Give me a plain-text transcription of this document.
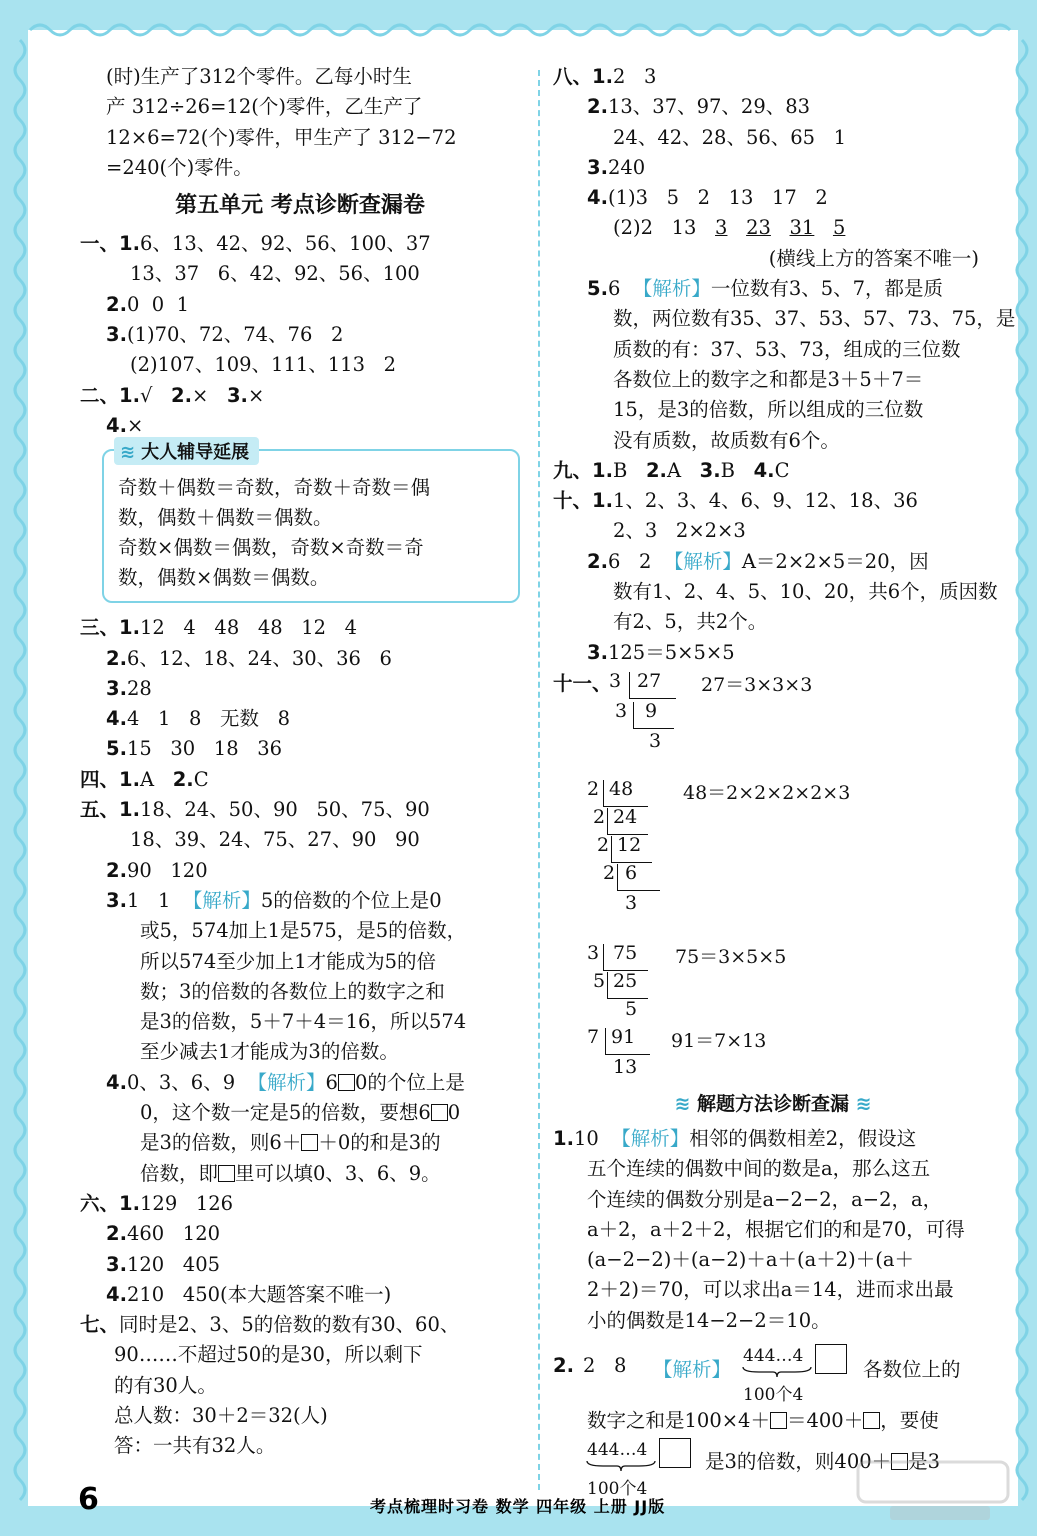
(时)生产了312个零件。乙每小时生
产 312÷26=12(个)零件，乙生产了
12×6=72(个)零件，甲生产了 312−72
=240(个)零件。
第五单元 考点诊断查漏卷
一、1.6、13、42、92、56、100、37
13、37   6、42、92、56、100
2.0  0  1
3.(1)70、72、74、76   2
(2)107、109、111、113   2
二、1.√ 2.× 3.×
4.×
≋ 大人辅导延展
奇数＋偶数＝奇数，奇数＋奇数＝偶
数，偶数＋偶数＝偶数。
奇数×偶数＝偶数，奇数×奇数＝奇
数，偶数×偶数＝偶数。
三、1.12   4   48   48   12   4
2.6、12、18、24、30、36   6
3.28
4.4   1   8   无数   8
5.15   30   18   36
四、1.A 2.C
五、1.18、24、50、90   50、75、90
18、39、24、75、27、90   90
2.90   120
3.1   1 【解析】5的倍数的个位上是0
或5，574加上1是575，是5的倍数，
所以574至少加上1才能成为5的倍
数；3的倍数的各数位上的数字之和
是3的倍数，5＋7＋4＝16，所以574
至少减去1才能成为3的倍数。
4.0、3、6、9 【解析】6 0的个位上是
0，这个数一定是5的倍数，要想6 0
是3的倍数，则6＋ ＋0的和是3的
倍数，即 里可以填0、3、6、9。
六、1.129   126
2.460   120
3.120   405
4.210   450(本大题答案不唯一)
七、同时是2、3、5的倍数的数有30、60、
90……不超过50的是30，所以剩下
的有30人。
总人数：30＋2＝32(人)
答：一共有32人。
八、1.2   3
2.13、37、97、29、83
24、42、28、56、65   1
3.240
4.(1)3   5   2   13   17   2
(2)2   13   3 23 31 5
(横线上方的答案不唯一)
5.6 【解析】一位数有3、5、7，都是质
数，两位数有35、37、53、57、73、75，是
质数的有：37、53、73，组成的三位数
各数位上的数字之和都是3＋5＋7＝
15，是3的倍数，所以组成的三位数
没有质数，故质数有6个。
九、1.B 2.A 3.B 4.C
十、1.1、2、3、4、6、9、12、18、36
2、3   2×2×3
2.6   2 【解析】A＝2×2×5＝20，因
数有1、2、4、5、10、20，共6个，质因数
有2、5，共2个。
3.125＝5×5×5
十一、
3 27 27＝3×3×3
3 9
3
2 48	48＝2×2×2×2×3
2 24
2 12
2 6
3
3 75 75＝3×5×5
5 25
5
7 91 91＝7×13
13
≋ 解题方法诊断查漏 ≋
1.10 【解析】相邻的偶数相差2，假设这
五个连续的偶数中间的数是a，那么这五
个连续的偶数分别是a−2−2，a−2，a，
a＋2，a＋2＋2，根据它们的和是70，可得
(a−2−2)＋(a−2)＋a＋(a＋2)＋(a＋
2＋2)＝70，可以求出a＝14，进而求出最
小的偶数是14−2−2＝10。
2. 2   8 【解析】
444…4
100个4
各数位上的
数字之和是100×4＋ ＝400＋ ，要使
444…4
100个4
是3的倍数，则400＋ 是3
6	考点梳理时习卷 数学 四年级 上册 JJ版
